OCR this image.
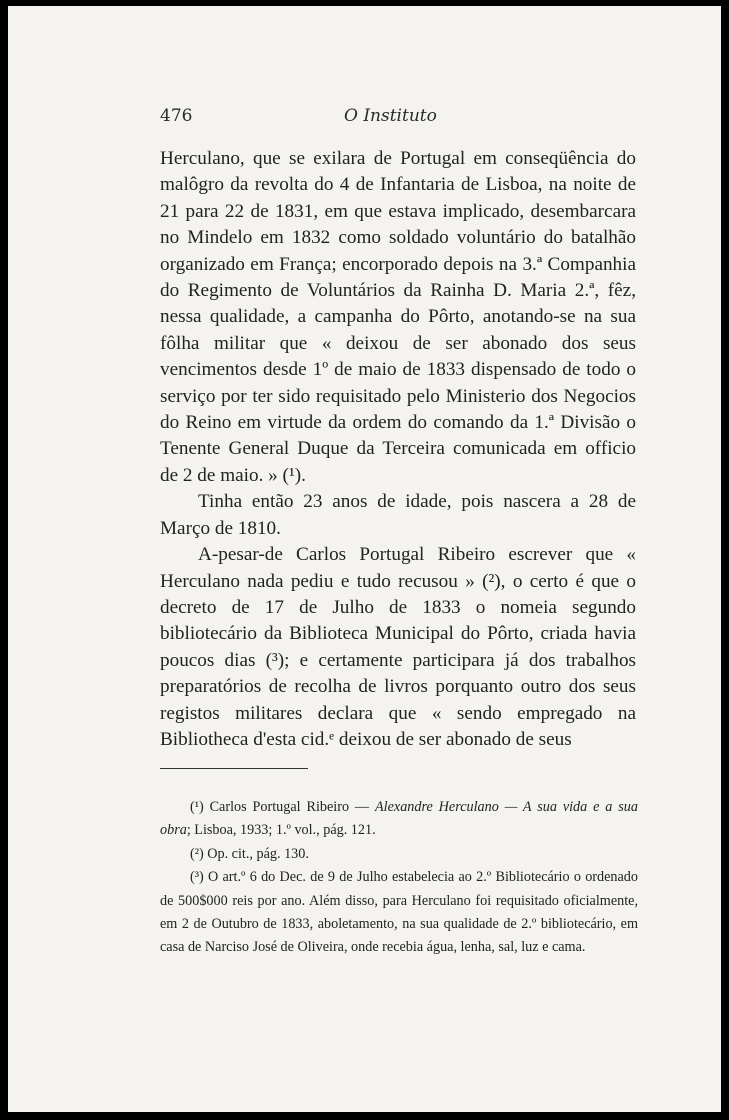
476	O Instituto

Herculano, que se exilara de Portugal em conseqüência do malôgro da revolta do 4 de Infantaria de Lisboa, na noite de 21 para 22 de 1831, em que estava implicado, desembarcara no Mindelo em 1832 como soldado voluntário do batalhão organizado em França; encorporado depois na 3.ª Companhia do Regimento de Voluntários da Rainha D. Maria 2.ª, fêz, nessa qualidade, a campanha do Pôrto, anotando-se na sua fôlha militar que « deixou de ser abonado dos seus vencimentos desde 1º de maio de 1833 dispensado de todo o serviço por ter sido requisitado pelo Ministerio dos Negocios do Reino em virtude da ordem do comando da 1.ª Divisão o Tenente General Duque da Terceira comunicada em officio de 2 de maio. » (¹).

Tinha então 23 anos de idade, pois nascera a 28 de Março de 1810.

A-pesar-de Carlos Portugal Ribeiro escrever que « Herculano nada pediu e tudo recusou » (²), o certo é que o decreto de 17 de Julho de 1833 o nomeia segundo bibliotecário da Biblioteca Municipal do Pôrto, criada havia poucos dias (³); e certamente participara já dos trabalhos preparatórios de recolha de livros porquanto outro dos seus registos militares declara que « sendo empregado na Bibliotheca d'esta cid.ᵉ deixou de ser abonado de seus

(¹) Carlos Portugal Ribeiro — Alexandre Herculano — A sua vida e a sua obra; Lisboa, 1933; 1.º vol., pág. 121.

(²) Op. cit., pág. 130.

(³) O art.º 6 do Dec. de 9 de Julho estabelecia ao 2.º Bibliotecário o ordenado de 500$000 reis por ano. Além disso, para Herculano foi requisitado oficialmente, em 2 de Outubro de 1833, aboletamento, na sua qualidade de 2.º bibliotecário, em casa de Narciso José de Oliveira, onde recebia água, lenha, sal, luz e cama.
